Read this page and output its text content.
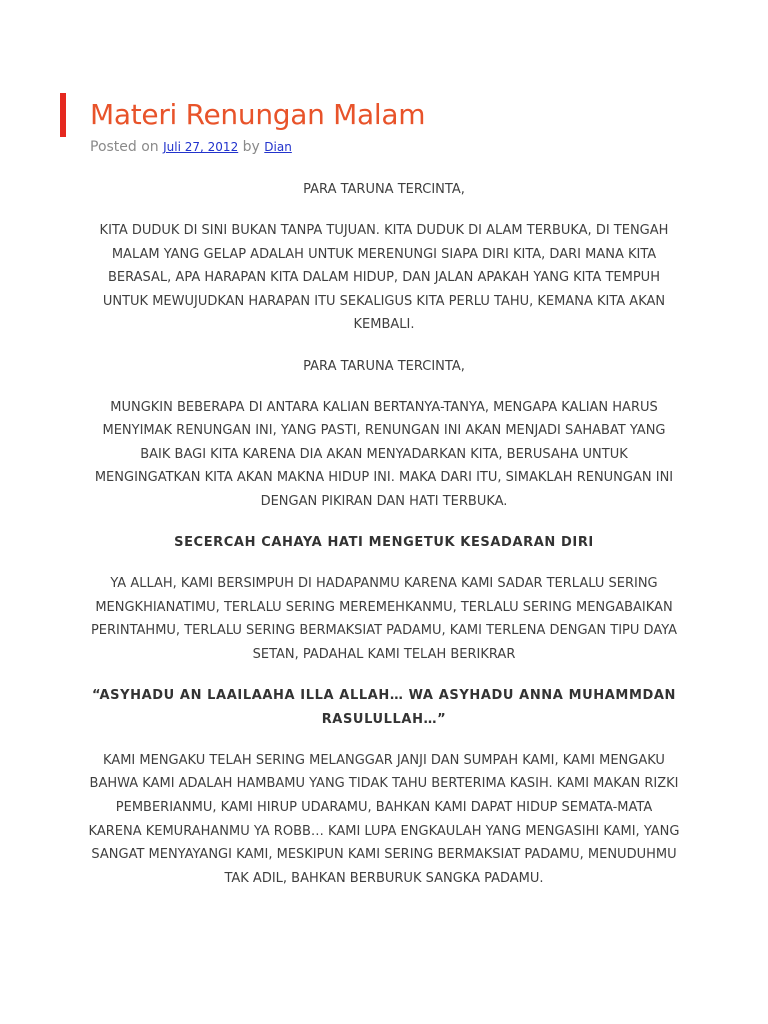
Materi Renungan Malam
Posted on Juli 27, 2012 by Dian

PARA TARUNA TERCINTA,

KITA DUDUK DI SINI BUKAN TANPA TUJUAN. KITA DUDUK DI ALAM TERBUKA, DI TENGAH MALAM YANG GELAP ADALAH UNTUK MERENUNGI SIAPA DIRI KITA, DARI MANA KITA BERASAL, APA HARAPAN KITA DALAM HIDUP, DAN JALAN APAKAH YANG KITA TEMPUH UNTUK MEWUJUDKAN HARAPAN ITU SEKALIGUS KITA PERLU TAHU, KEMANA KITA AKAN KEMBALI.

PARA TARUNA TERCINTA,

MUNGKIN BEBERAPA DI ANTARA KALIAN BERTANYA-TANYA, MENGAPA KALIAN HARUS MENYIMAK RENUNGAN INI, YANG PASTI, RENUNGAN INI AKAN MENJADI SAHABAT YANG BAIK BAGI KITA KARENA DIA AKAN MENYADARKAN KITA, BERUSAHA UNTUK MENGINGATKAN KITA AKAN MAKNA HIDUP INI. MAKA DARI ITU, SIMAKLAH RENUNGAN INI DENGAN PIKIRAN DAN HATI TERBUKA.

SECERCAH CAHAYA HATI MENGETUK KESADARAN DIRI

YA ALLAH, KAMI BERSIMPUH DI HADAPANMU KARENA KAMI SADAR TERLALU SERING MENGKHIANATIMU, TERLALU SERING MEREMEHKANMU, TERLALU SERING MENGABAIKAN PERINTAHMU, TERLALU SERING BERMAKSIAT PADAMU, KAMI TERLENA DENGAN TIPU DAYA SETAN, PADAHAL KAMI TELAH BERIKRAR

“ASYHADU AN LAAILAAHA ILLA ALLAH… WA ASYHADU ANNA MUHAMMDAN RASULULLAH…”

KAMI MENGAKU TELAH SERING MELANGGAR JANJI DAN SUMPAH KAMI, KAMI MENGAKU BAHWA KAMI ADALAH HAMBAMU YANG TIDAK TAHU BERTERIMA KASIH. KAMI MAKAN RIZKI PEMBERIANMU, KAMI HIRUP UDARAMU, BAHKAN KAMI DAPAT HIDUP SEMATA-MATA KARENA KEMURAHANMU YA ROBB… KAMI LUPA ENGKAULAH YANG MENGASIHI KAMI, YANG SANGAT MENYAYANGI KAMI, MESKIPUN KAMI SERING BERMAKSIAT PADAMU, MENUDUHMU TAK ADIL, BAHKAN BERBURUK SANGKA PADAMU.
